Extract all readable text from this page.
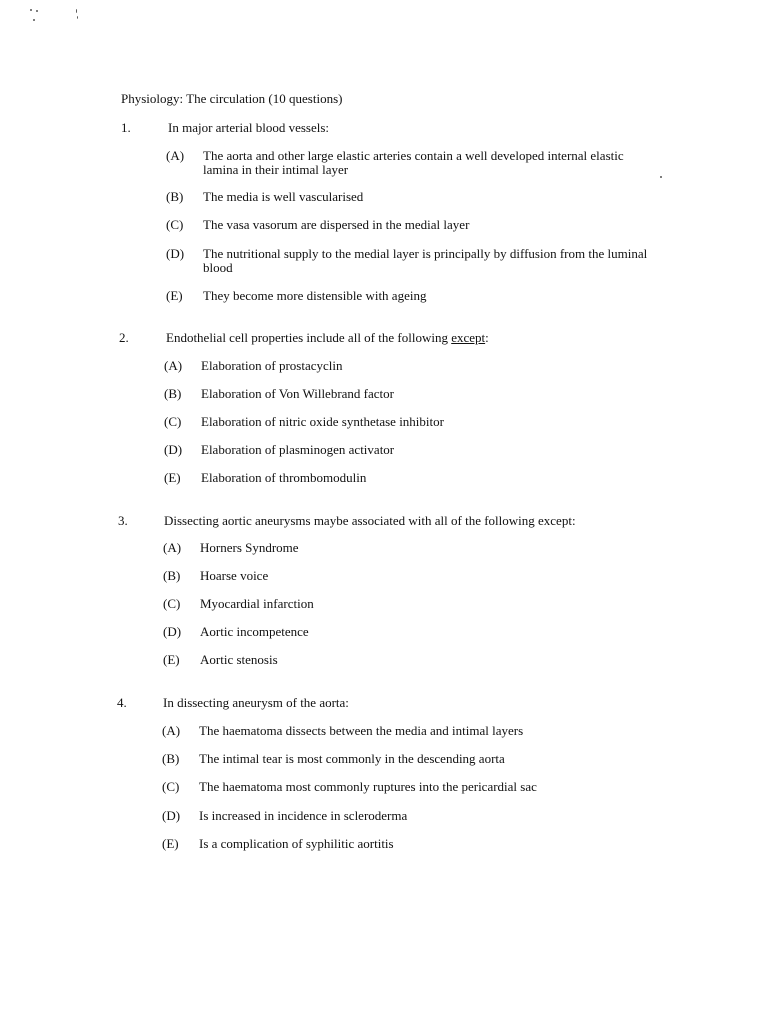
Physiology: The circulation (10 questions)
1.	In major arterial blood vessels:
(A) The aorta and other large elastic arteries contain a well developed internal elastic lamina in their intimal layer
(B) The media is well vascularised
(C) The vasa vasorum are dispersed in the medial layer
(D) The nutritional supply to the medial layer is principally by diffusion from the luminal blood
(E) They become more distensible with ageing
2.	Endothelial cell properties include all of the following except:
(A) Elaboration of prostacyclin
(B) Elaboration of Von Willebrand factor
(C) Elaboration of nitric oxide synthetase inhibitor
(D) Elaboration of plasminogen activator
(E) Elaboration of thrombomodulin
3.	Dissecting aortic aneurysms maybe associated with all of the following except:
(A) Horners Syndrome
(B) Hoarse voice
(C) Myocardial infarction
(D) Aortic incompetence
(E) Aortic stenosis
4.	In dissecting aneurysm of the aorta:
(A) The haematoma dissects between the media and intimal layers
(B) The intimal tear is most commonly in the descending aorta
(C) The haematoma most commonly ruptures into the pericardial sac
(D) Is increased in incidence in scleroderma
(E) Is a complication of syphilitic aortitis
